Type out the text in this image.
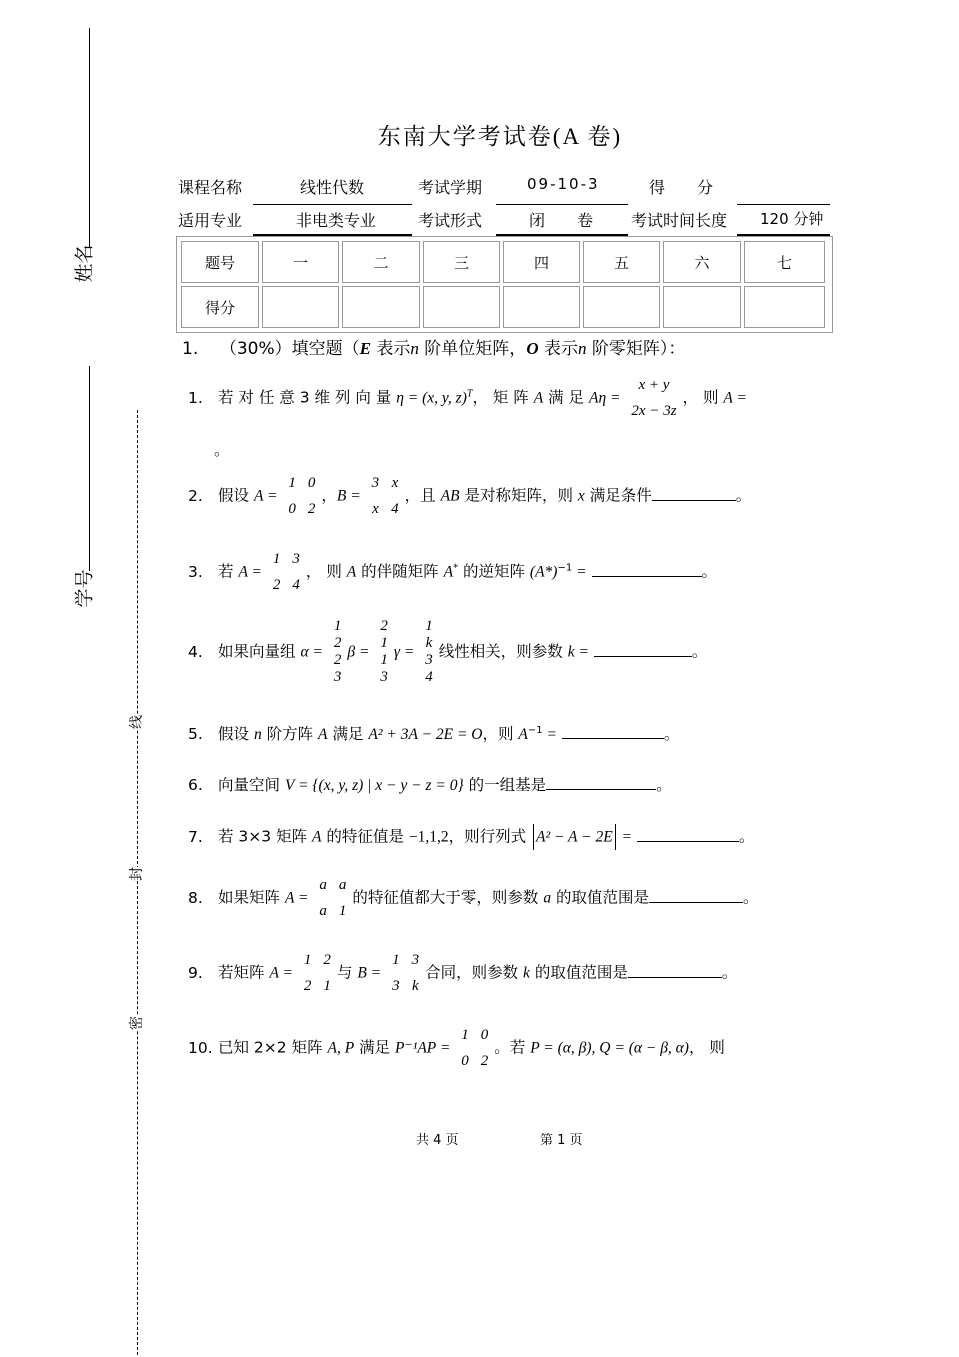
姓名
学号
线
封
密
东南大学考试卷(A 卷)
课程名称	线性代数	考试学期	09-10-3	得　　分
适用专业	非电类专业	考试形式	闭　　卷 考试时间长度 120 分钟
题号	一	二	三	四	五	六	七
得分
1. （30%）填空题（E 表示n 阶单位矩阵，O 表示n 阶零矩阵）：
1. 若 对 任 意 3 维 列 向 量 η = (x, y, z)$^T$， 矩 阵 A 满 足 Aη =
x + y
2x − 3z
， 则 A =
。
2. 假设 A =
1	0
0	2
，B =
3	x
x	4
，且 AB 是对称矩阵，则 x 满足条件	。
3. 若 A =
1	3
2	4
， 则 A 的伴随矩阵 A* 的逆矩阵 $(A*)^{-1}$ =	。
4. 如果向量组 α =
1
2
2
3
β =
2
1
1
3
γ =
1
k
3
4
线性相关，则参数 k =	。
5. 假设 n 阶方阵 A 满足 A² + 3A − 2E = O，则 $A^{-1}$ =	。
6. 向量空间 V = {(x, y, z) | x − y − z = 0} 的一组基是	。
7. 若 3×3 矩阵 A 的特征值是 −1,1,2，则行列式 A² − A − 2E =	。
8. 如果矩阵 A =
a	a
a	1
的特征值都大于零，则参数 a 的取值范围是	。
9. 若矩阵 A =
1	2
2	1
与 B =
1	3
3	k
合同，则参数 k 的取值范围是	。
10. 已知 2×2 矩阵 A, P 满足 P⁻¹AP =
1	0
0	2
。若 P = (α, β), Q = (α − β, α)， 则
共 4 页	第 1 页
